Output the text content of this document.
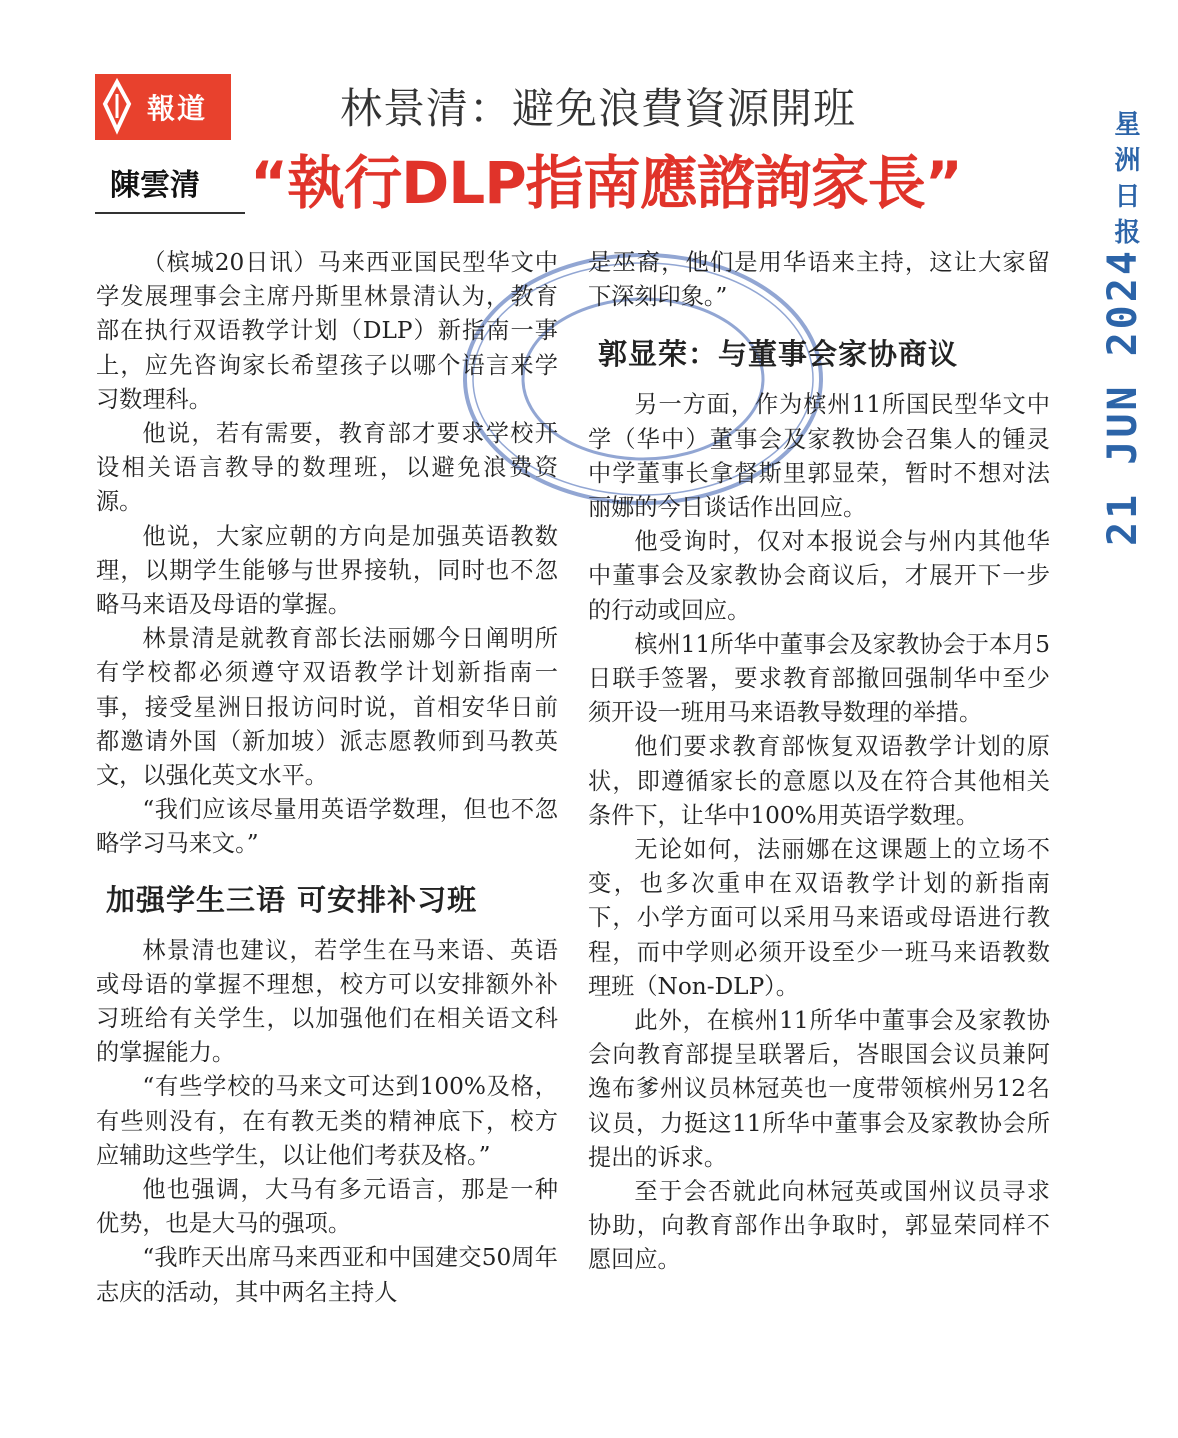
報道
陳雲清
林景清：避免浪費資源開班
“執行DLP指南應諮詢家長”	星洲日报
21 JUN 2024

（槟城20日讯）马来西亚国民型华文中学发展理事会主席丹斯里林景清认为，教育部在执行双语教学计划（DLP）新指南一事上，应先咨询家长希望孩子以哪个语言来学习数理科。

他说，若有需要，教育部才要求学校开设相关语言教导的数理班，以避免浪费资源。

他说，大家应朝的方向是加强英语教数理，以期学生能够与世界接轨，同时也不忽略马来语及母语的掌握。

林景清是就教育部长法丽娜今日阐明所有学校都必须遵守双语教学计划新指南一事，接受星洲日报访问时说，首相安华日前都邀请外国（新加坡）派志愿教师到马教英文，以强化英文水平。

“我们应该尽量用英语学数理，但也不忽略学习马来文。”

加强学生三语 可安排补习班

林景清也建议，若学生在马来语、英语或母语的掌握不理想，校方可以安排额外补习班给有关学生，以加强他们在相关语文科的掌握能力。

“有些学校的马来文可达到100%及格，有些则没有，在有教无类的精神底下，校方应辅助这些学生，以让他们考获及格。”

他也强调，大马有多元语言，那是一种优势，也是大马的强项。

“我昨天出席马来西亚和中国建交50周年志庆的活动，其中两名主持人

是巫裔，他们是用华语来主持，这让大家留下深刻印象。”

郭显荣：与董事会家协商议

另一方面，作为槟州11所国民型华文中学（华中）董事会及家教协会召集人的锺灵中学董事长拿督斯里郭显荣，暂时不想对法丽娜的今日谈话作出回应。

他受询时，仅对本报说会与州内其他华中董事会及家教协会商议后，才展开下一步的行动或回应。

槟州11所华中董事会及家教协会于本月5日联手签署，要求教育部撤回强制华中至少须开设一班用马来语教导数理的举措。

他们要求教育部恢复双语教学计划的原状，即遵循家长的意愿以及在符合其他相关条件下，让华中100%用英语学数理。

无论如何，法丽娜在这课题上的立场不变，也多次重申在双语教学计划的新指南下，小学方面可以采用马来语或母语进行教程，而中学则必须开设至少一班马来语教数理班（Non-DLP）。

此外，在槟州11所华中董事会及家教协会向教育部提呈联署后，峇眼国会议员兼阿逸布爹州议员林冠英也一度带领槟州另12名议员，力挺这11所华中董事会及家教协会所提出的诉求。

至于会否就此向林冠英或国州议员寻求协助，向教育部作出争取时，郭显荣同样不愿回应。
